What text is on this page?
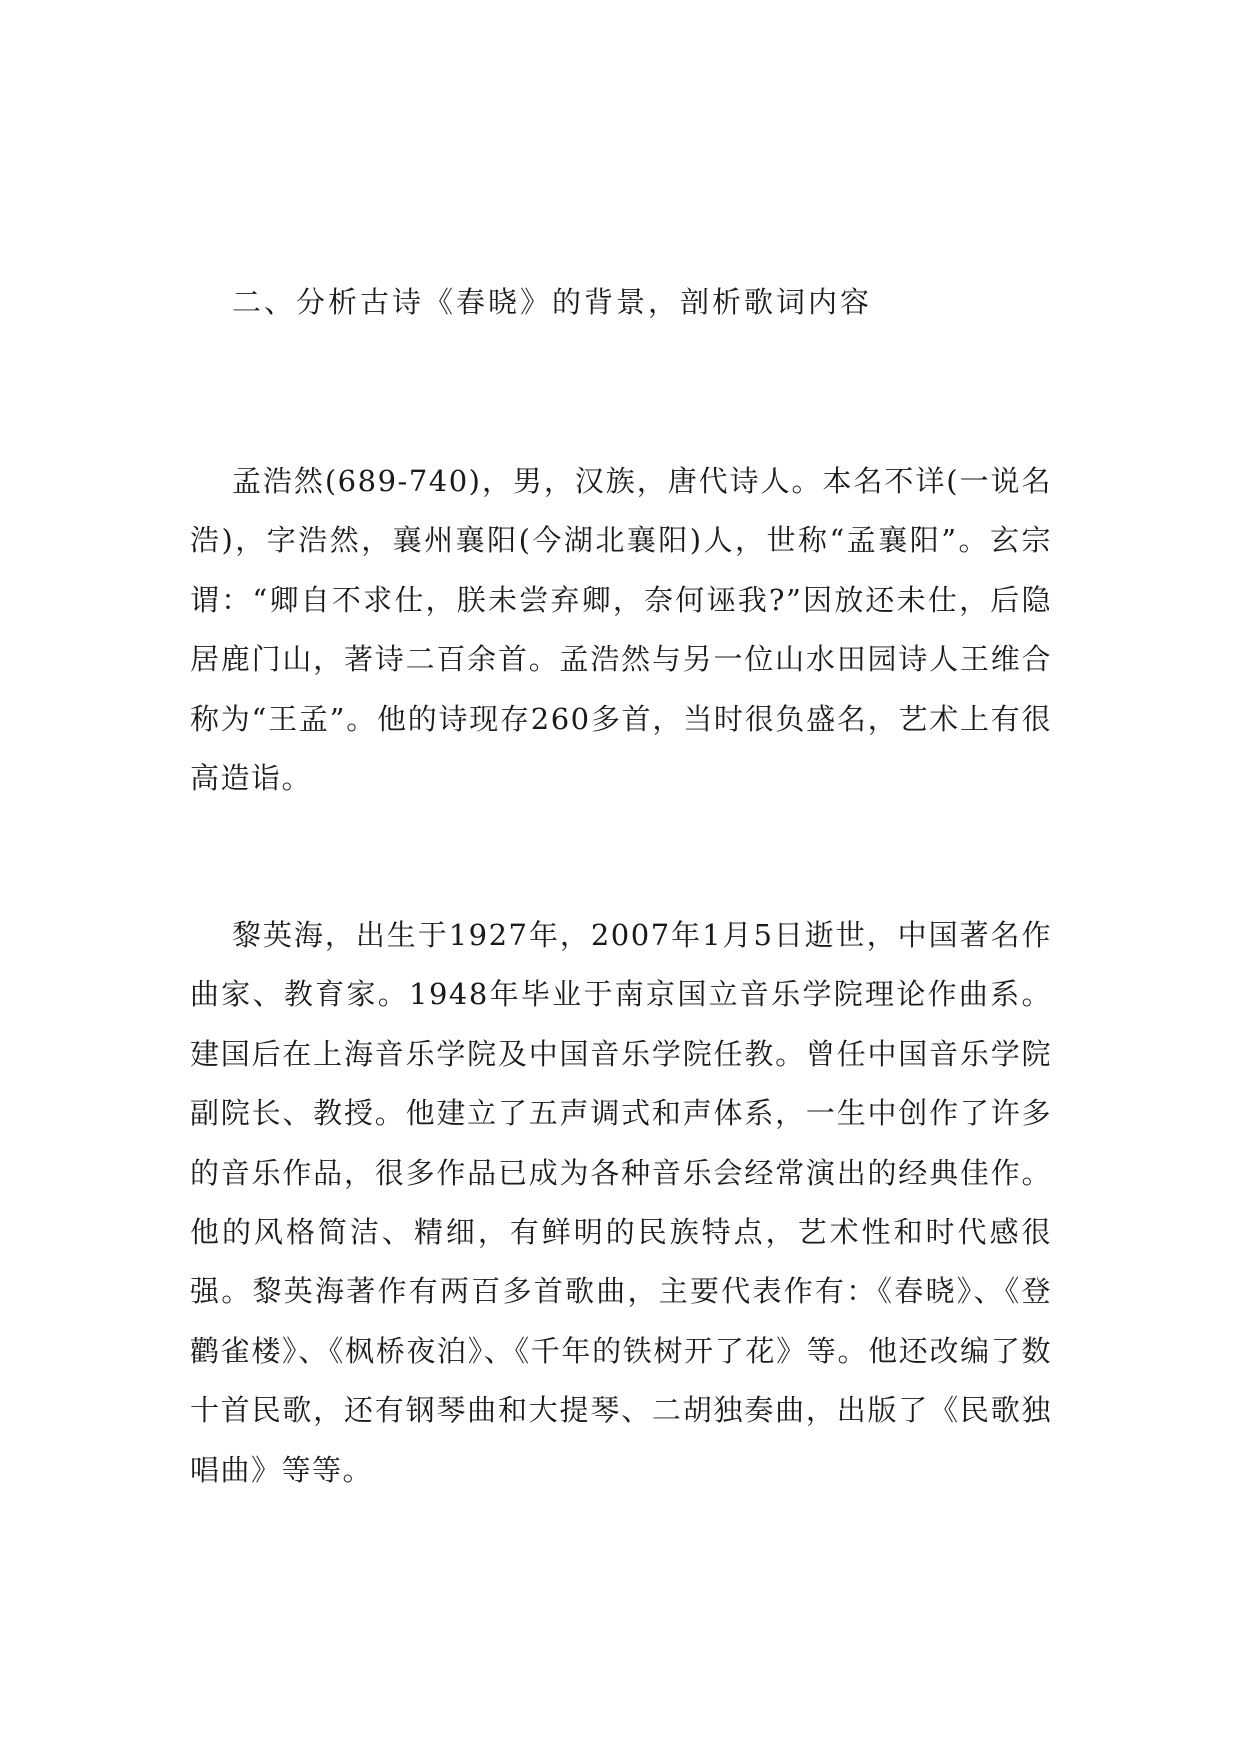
二、分析古诗《春晓》的背景，剖析歌词内容

孟浩然(689-740)，男，汉族，唐代诗人。本名不详(一说名浩)，字浩然，襄州襄阳(今湖北襄阳)人，世称“孟襄阳”。玄宗谓：“卿自不求仕，朕未尝弃卿，奈何诬我?”因放还未仕，后隐居鹿门山，著诗二百余首。孟浩然与另一位山水田园诗人王维合称为“王孟”。他的诗现存260多首，当时很负盛名，艺术上有很高造诣。

黎英海，出生于1927年，2007年1月5日逝世，中国著名作曲家、教育家。1948年毕业于南京国立音乐学院理论作曲系。建国后在上海音乐学院及中国音乐学院任教。曾任中国音乐学院副院长、教授。他建立了五声调式和声体系，一生中创作了许多的音乐作品，很多作品已成为各种音乐会经常演出的经典佳作。他的风格简洁、精细，有鲜明的民族特点，艺术性和时代感很强。黎英海著作有两百多首歌曲，主要代表作有：《春晓》、《登鹳雀楼》、《枫桥夜泊》、《千年的铁树开了花》等。他还改编了数十首民歌，还有钢琴曲和大提琴、二胡独奏曲，出版了《民歌独唱曲》等等。
